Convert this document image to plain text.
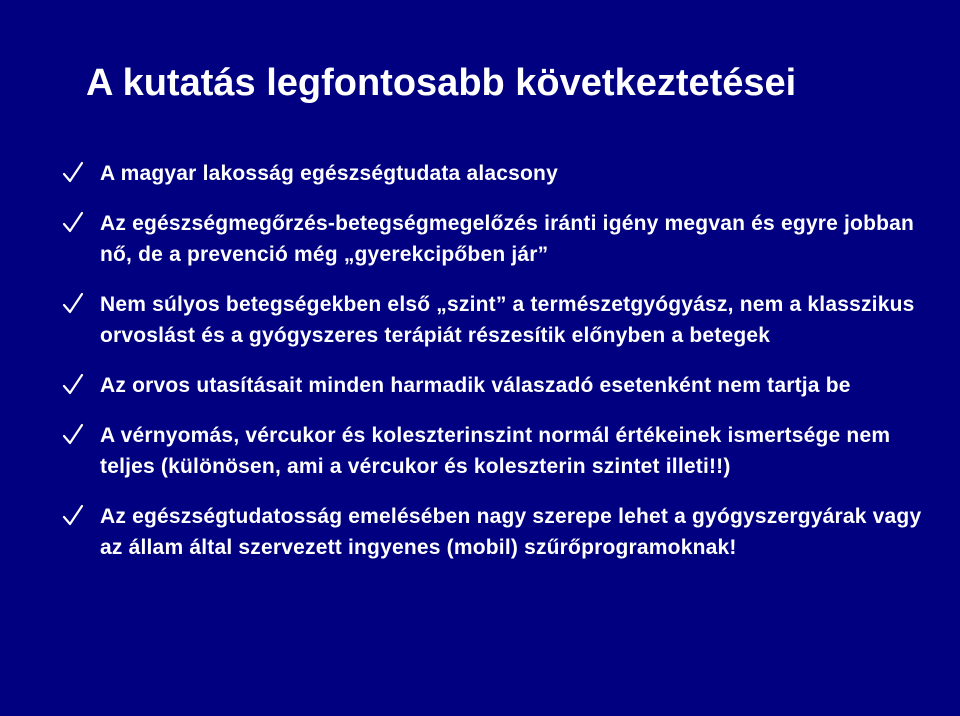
A kutatás legfontosabb következtetései
A magyar lakosság egészségtudata alacsony
Az egészségmegőrzés-betegségmegelőzés iránti igény megvan és egyre jobban nő, de a prevenció még „gyerekcipőben jár”
Nem súlyos betegségekben első „szint” a természetgyógyász, nem a klasszikus orvoslást és a gyógyszeres terápiát részesítik előnyben a betegek
Az orvos utasításait minden harmadik válaszadó esetenként nem tartja be
A vérnyomás, vércukor és koleszterinszint normál értékeinek ismertsége nem teljes (különösen, ami a vércukor és koleszterin szintet illeti!!)
Az egészségtudatosság emelésében nagy szerepe lehet a gyógyszergyárak vagy az állam által szervezett ingyenes (mobil) szűrőprogramoknak!
